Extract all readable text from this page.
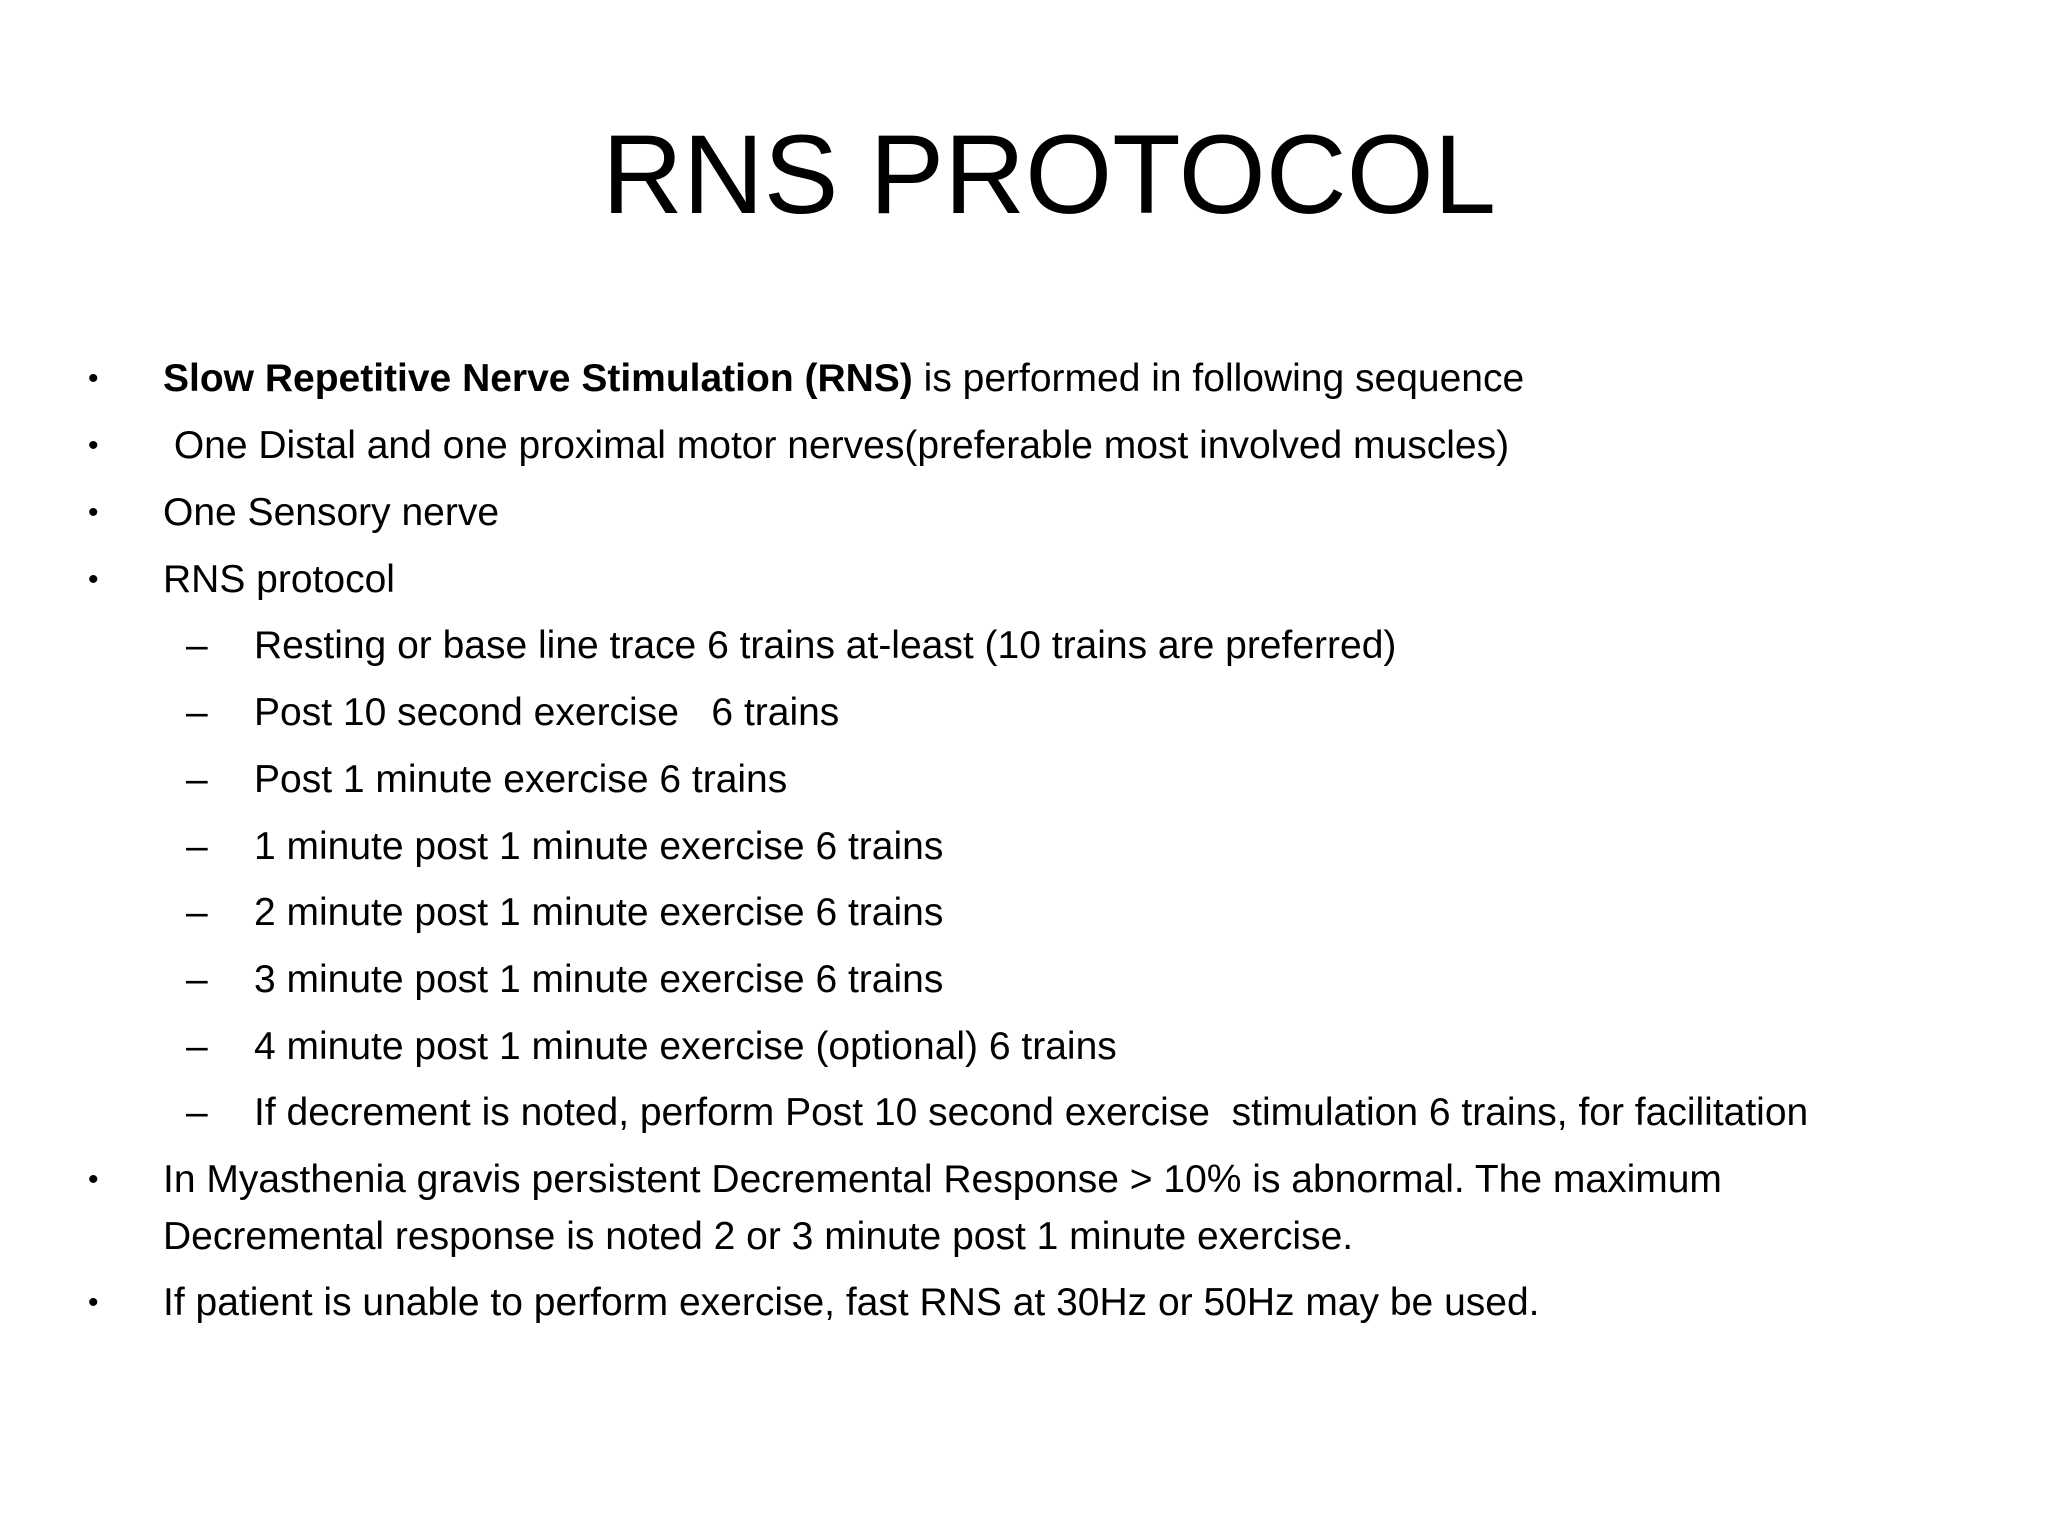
RNS PROTOCOL
•	Slow Repetitive Nerve Stimulation (RNS) is performed in following sequence
•	One Distal and one proximal motor nerves(preferable most involved muscles)
•	One Sensory nerve
•	RNS protocol
–	Resting or base line trace 6 trains at-least (10 trains are preferred)
–	Post 10 second exercise   6 trains
–	Post 1 minute exercise 6 trains
–	1 minute post 1 minute exercise 6 trains
–	2 minute post 1 minute exercise 6 trains
–	3 minute post 1 minute exercise 6 trains
–	4 minute post 1 minute exercise (optional) 6 trains
–	If decrement is noted, perform Post 10 second exercise  stimulation 6 trains, for facilitation
•	In Myasthenia gravis persistent Decremental Response > 10% is abnormal. The maximum Decremental response is noted 2 or 3 minute post 1 minute exercise.
•	If patient is unable to perform exercise, fast RNS at 30Hz or 50Hz may be used.
